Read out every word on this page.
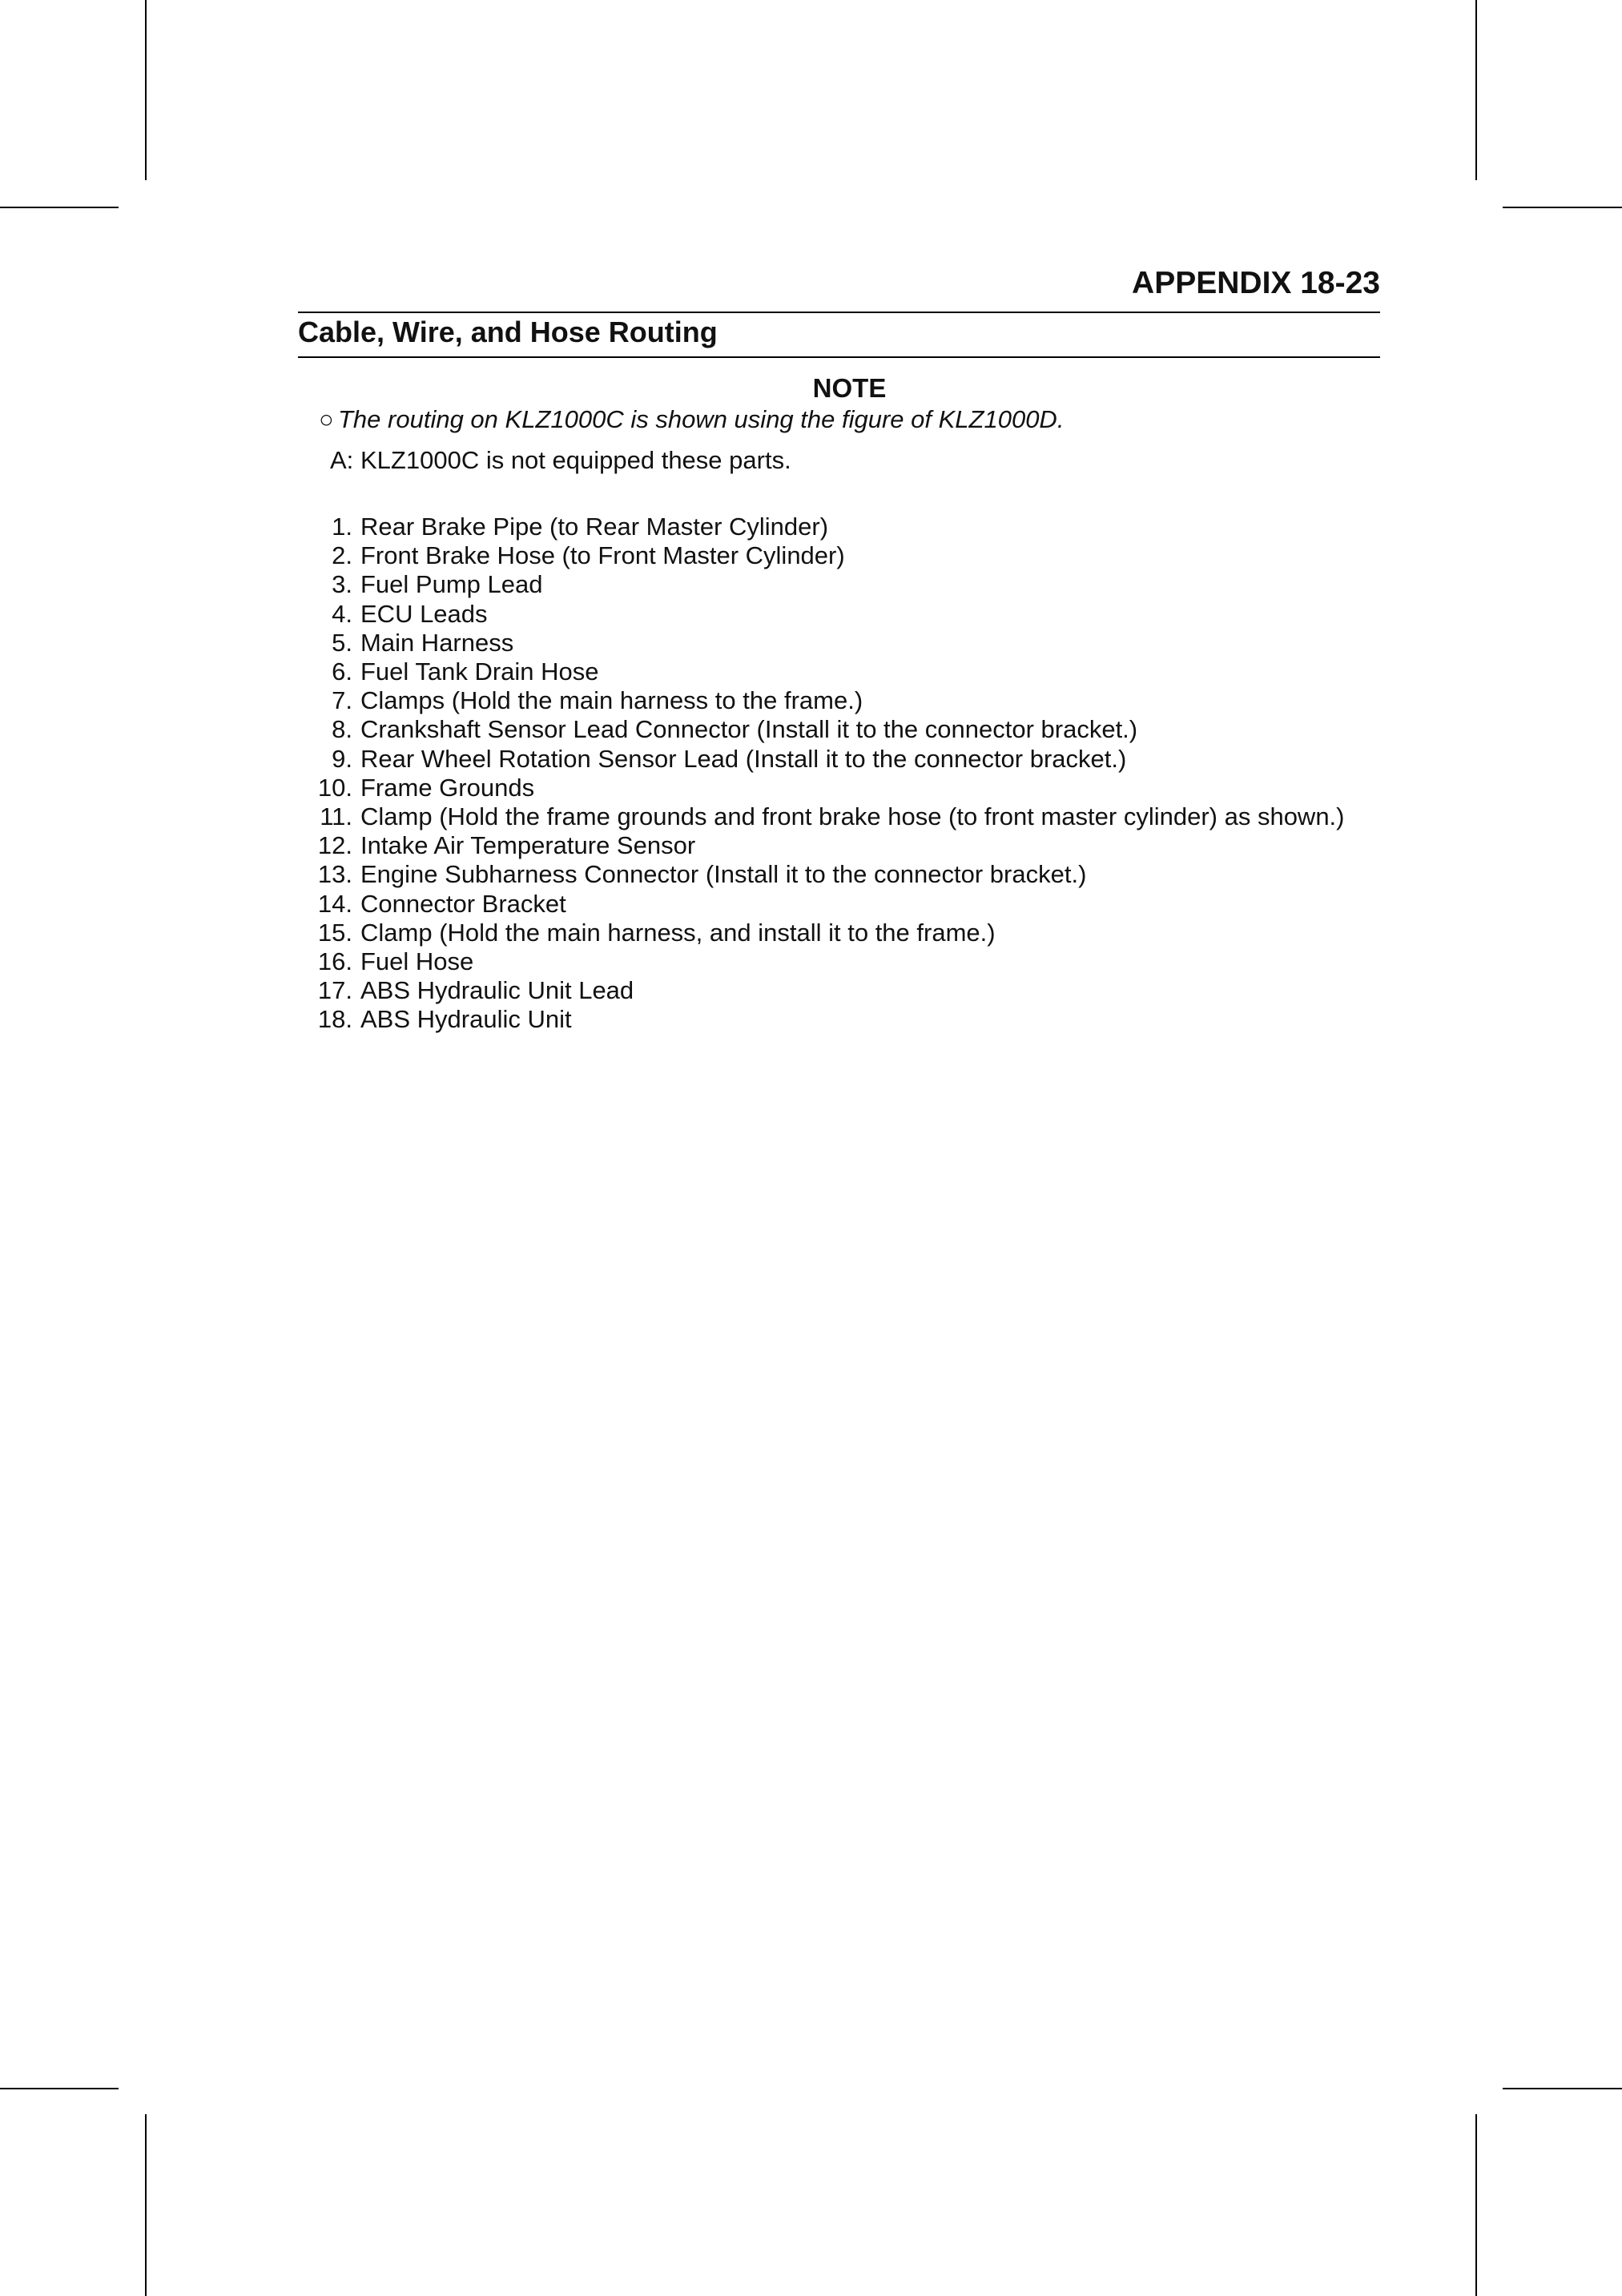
APPENDIX 18-23
Cable, Wire, and Hose Routing
NOTE
○ The routing on KLZ1000C is shown using the figure of KLZ1000D.
A: KLZ1000C is not equipped these parts.
1. Rear Brake Pipe (to Rear Master Cylinder)
2. Front Brake Hose (to Front Master Cylinder)
3. Fuel Pump Lead
4. ECU Leads
5. Main Harness
6. Fuel Tank Drain Hose
7. Clamps (Hold the main harness to the frame.)
8. Crankshaft Sensor Lead Connector (Install it to the connector bracket.)
9. Rear Wheel Rotation Sensor Lead (Install it to the connector bracket.)
10. Frame Grounds
11. Clamp (Hold the frame grounds and front brake hose (to front master cylinder) as shown.)
12. Intake Air Temperature Sensor
13. Engine Subharness Connector (Install it to the connector bracket.)
14. Connector Bracket
15. Clamp (Hold the main harness, and install it to the frame.)
16. Fuel Hose
17. ABS Hydraulic Unit Lead
18. ABS Hydraulic Unit
